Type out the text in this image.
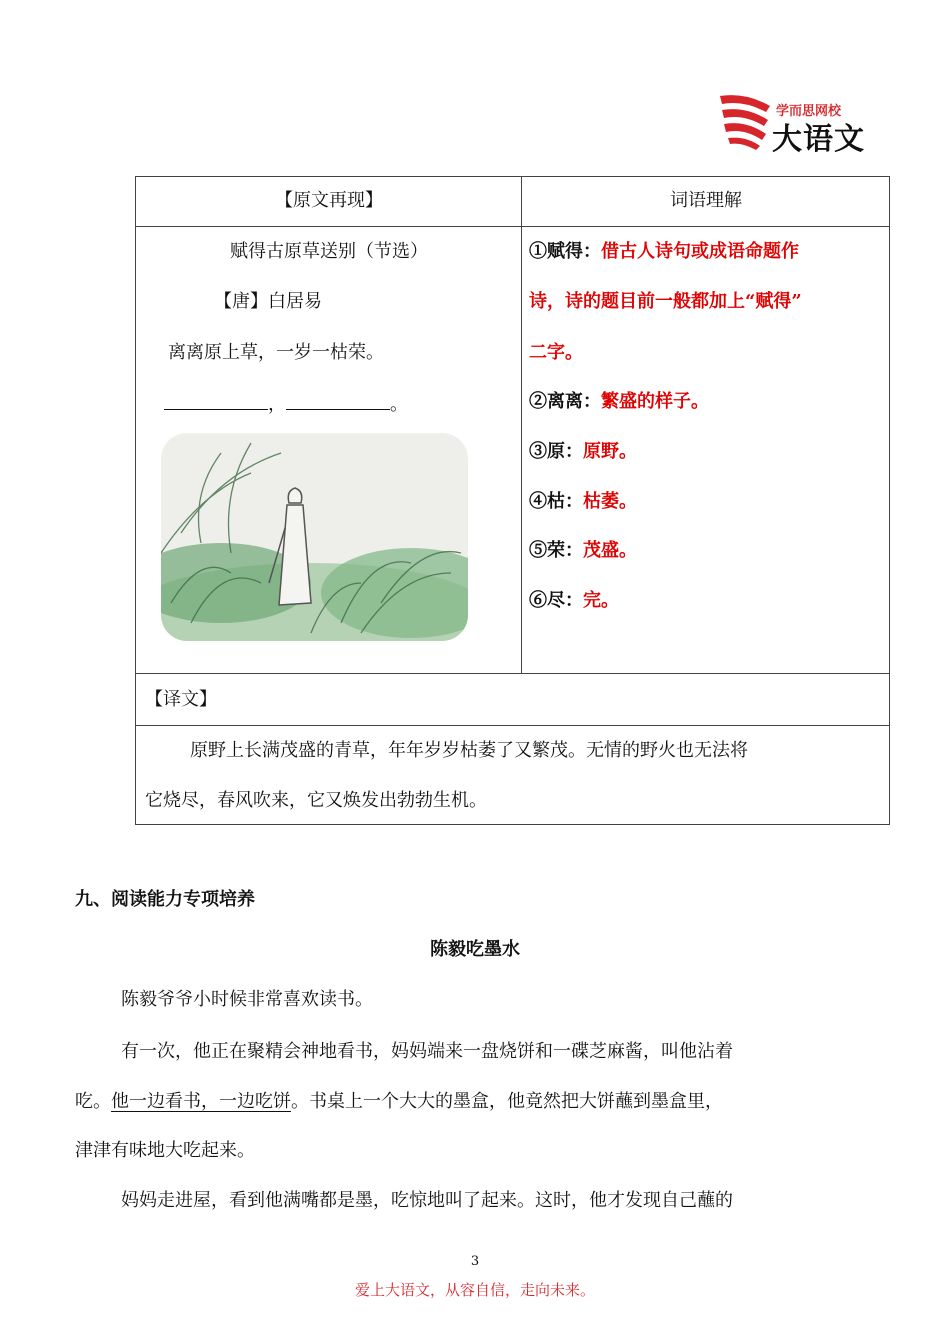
学而思网校
大语文
【原文再现】	词语理解
赋得古原草送别（节选）
【唐】白居易
离离原上草，一岁一枯荣。
，	。
①赋得：借古人诗句或成语命题作
诗，诗的题目前一般都加上“赋得”
二字。
②离离：繁盛的样子。
③原：原野。
④枯：枯萎。
⑤荣：茂盛。
⑥尽：完。
【译文】
原野上长满茂盛的青草，年年岁岁枯萎了又繁茂。无情的野火也无法将
它烧尽，春风吹来，它又焕发出勃勃生机。
九、阅读能力专项培养
陈毅吃墨水
陈毅爷爷小时候非常喜欢读书。
有一次，他正在聚精会神地看书，妈妈端来一盘烧饼和一碟芝麻酱，叫他沾着
吃。他一边看书，一边吃饼。书桌上一个大大的墨盒，他竟然把大饼蘸到墨盒里，
津津有味地大吃起来。
妈妈走进屋，看到他满嘴都是墨，吃惊地叫了起来。这时，他才发现自己蘸的
3
爱上大语文，从容自信，走向未来。
